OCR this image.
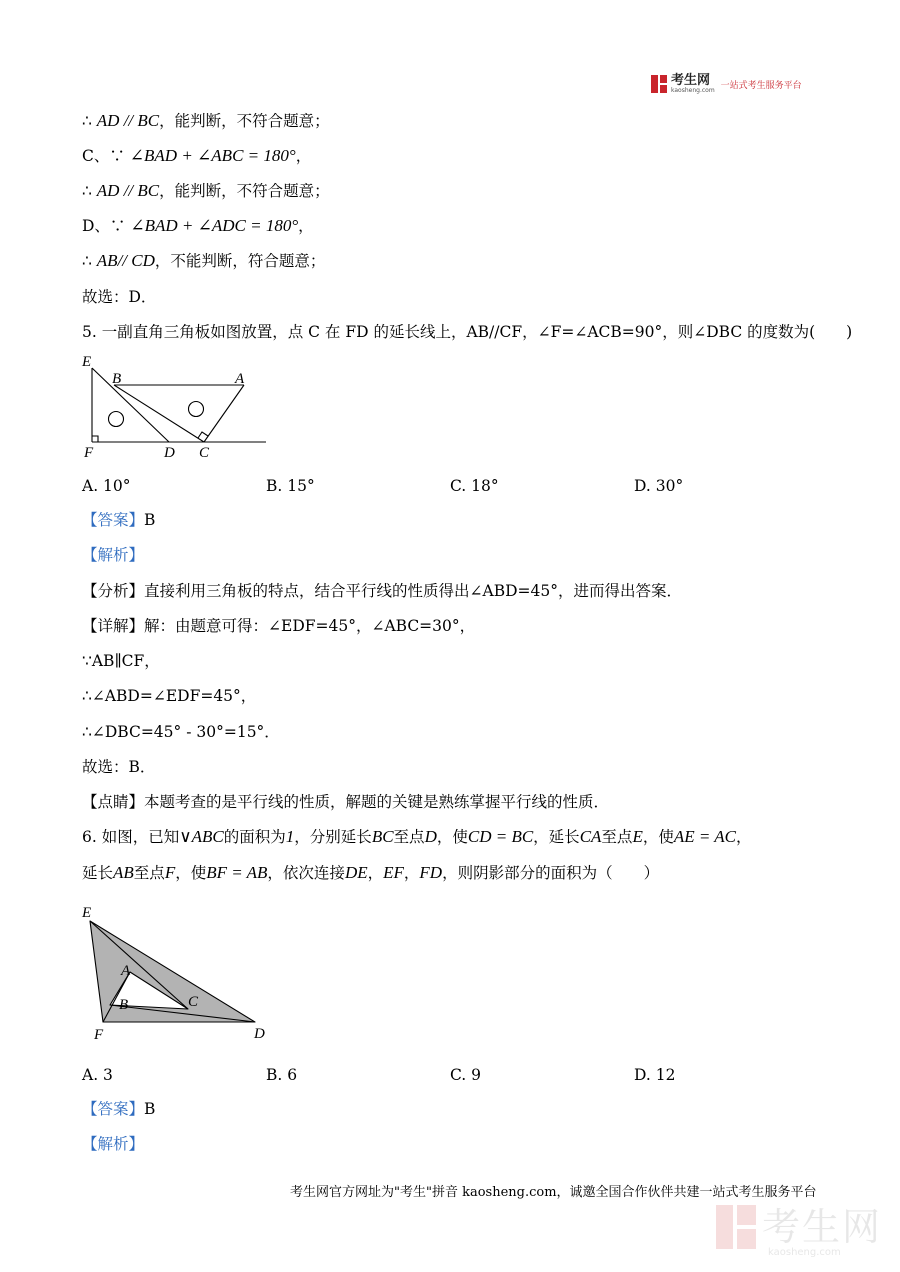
考生网
kaosheng.com 一站式考生服务平台
∴ AD // BC，能判断，不符合题意；
C、∵ ∠BAD + ∠ABC = 180°，
∴ AD // BC，能判断，不符合题意；
D、∵ ∠BAD + ∠ADC = 180°，
∴ AB// CD，不能判断，符合题意；
故选：D．
5. 一副直角三角板如图放置，点 C 在 FD 的延长线上，AB//CF，∠F=∠ACB=90°，则∠DBC 的度数为(　　)
E
B	A
F	D C
A. 10°	B. 15°	C. 18°	D. 30°
【答案】B
【解析】
【分析】直接利用三角板的特点，结合平行线的性质得出∠ABD=45°，进而得出答案．
【详解】解：由题意可得：∠EDF=45°，∠ABC=30°，
∵AB∥CF，
∴∠ABD=∠EDF=45°，
∴∠DBC=45° - 30°=15°．
故选：B．
【点睛】本题考查的是平行线的性质，解题的关键是熟练掌握平行线的性质．
6. 如图，已知∨ABC的面积为1，分别延长BC至点D，使CD = BC，延长CA至点E，使AE = AC，
延长AB至点F，使BF = AB，依次连接DE，EF，FD，则阴影部分的面积为（　　）
E
A
B	C
F	D
A. 3	B. 6	C. 9	D. 12
【答案】B
【解析】
考生网官方网址为"考生"拼音 kaosheng.com，诚邀全国合作伙伴共建一站式考生服务平台
考生网
kaosheng.com
